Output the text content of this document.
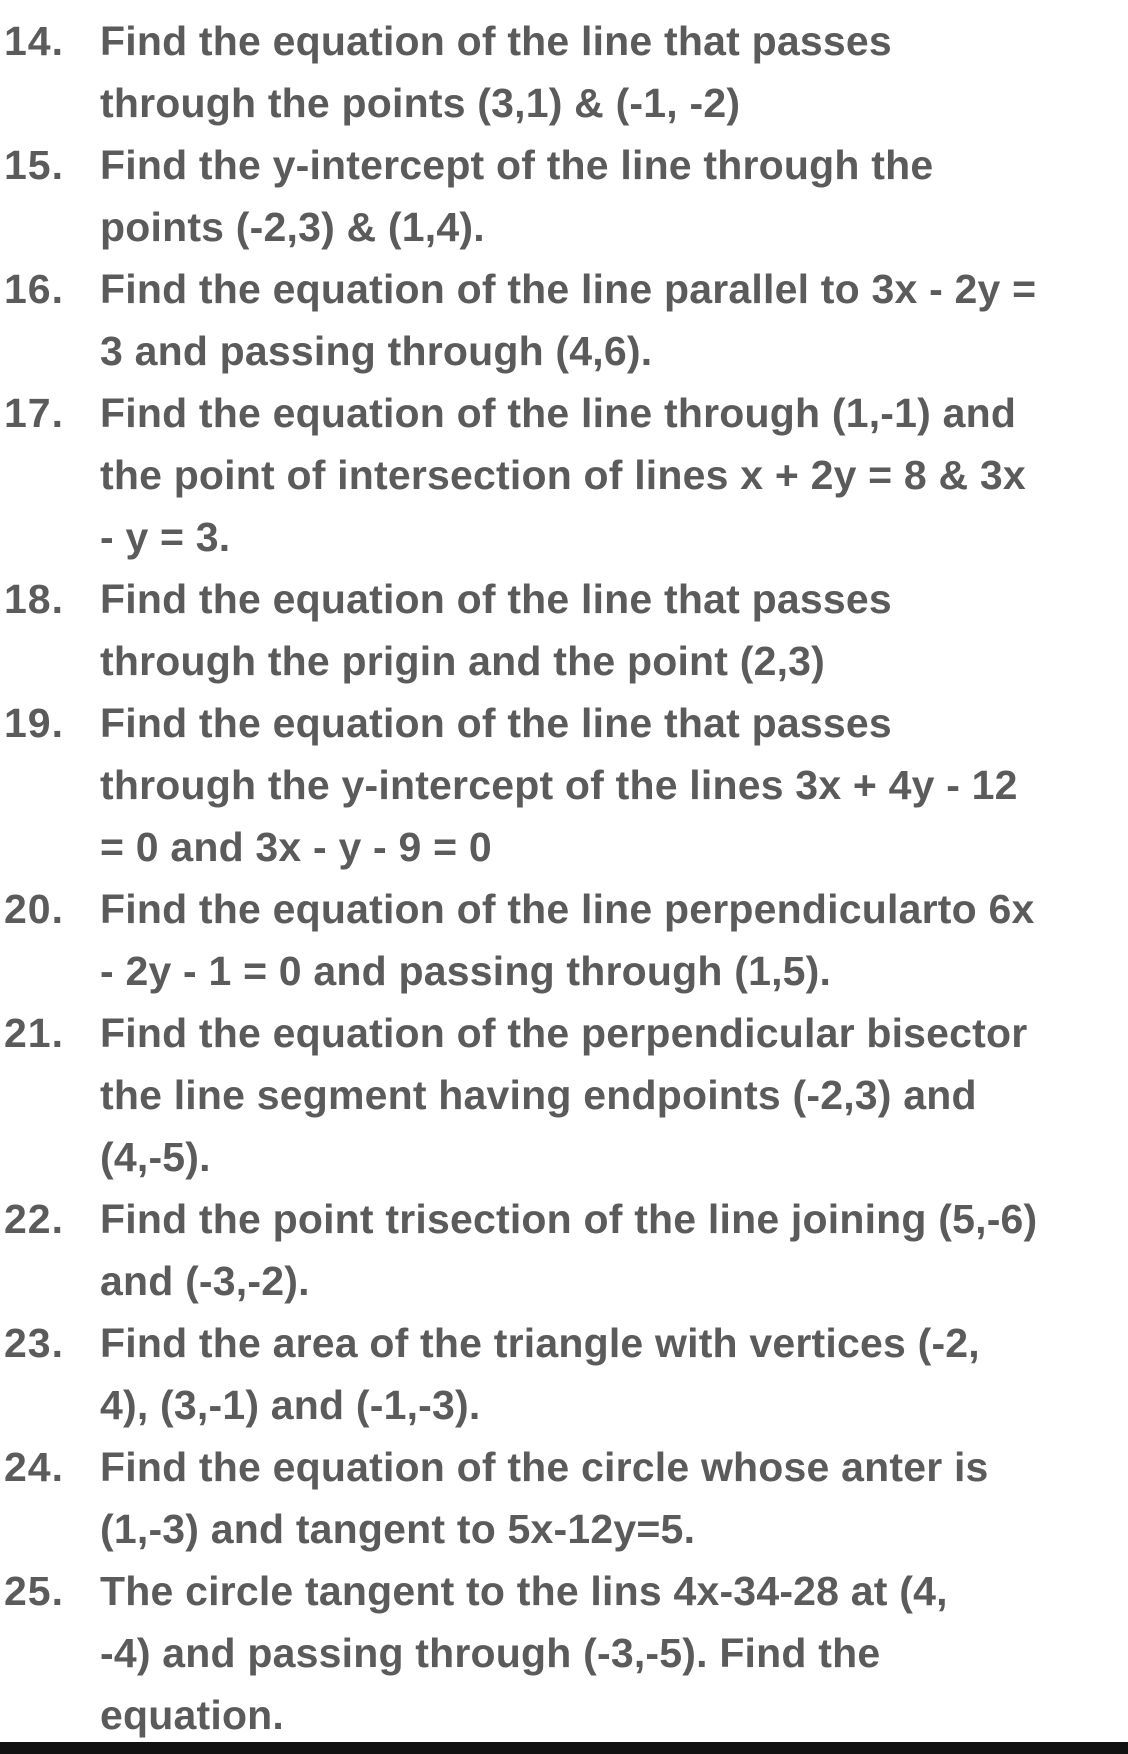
14. Find the equation of the line that passes
through the points (3,1) & (-1, -2)
15. Find the y-intercept of the line through the
points (-2,3) & (1,4).
16. Find the equation of the line parallel to 3x - 2y =
3 and passing through (4,6).
17. Find the equation of the line through (1,-1) and
the point of intersection of lines x + 2y = 8 & 3x
- y = 3.
18. Find the equation of the line that passes
through the prigin and the point (2,3)
19. Find the equation of the line that passes
through the y-intercept of the lines 3x + 4y - 12
= 0 and 3x - y - 9 = 0
20. Find the equation of the line perpendicularto 6x
- 2y - 1 = 0 and passing through (1,5).
21. Find the equation of the perpendicular bisector
the line segment having endpoints (-2,3) and
(4,-5).
22. Find the point trisection of the line joining (5,-6)
and (-3,-2).
23. Find the area of the triangle with vertices (-2,
4), (3,-1) and (-1,-3).
24. Find the equation of the circle whose anter is
(1,-3) and tangent to 5x-12y=5.
25. The circle tangent to the lins 4x-34-28 at (4,
-4) and passing through (-3,-5). Find the
equation.
